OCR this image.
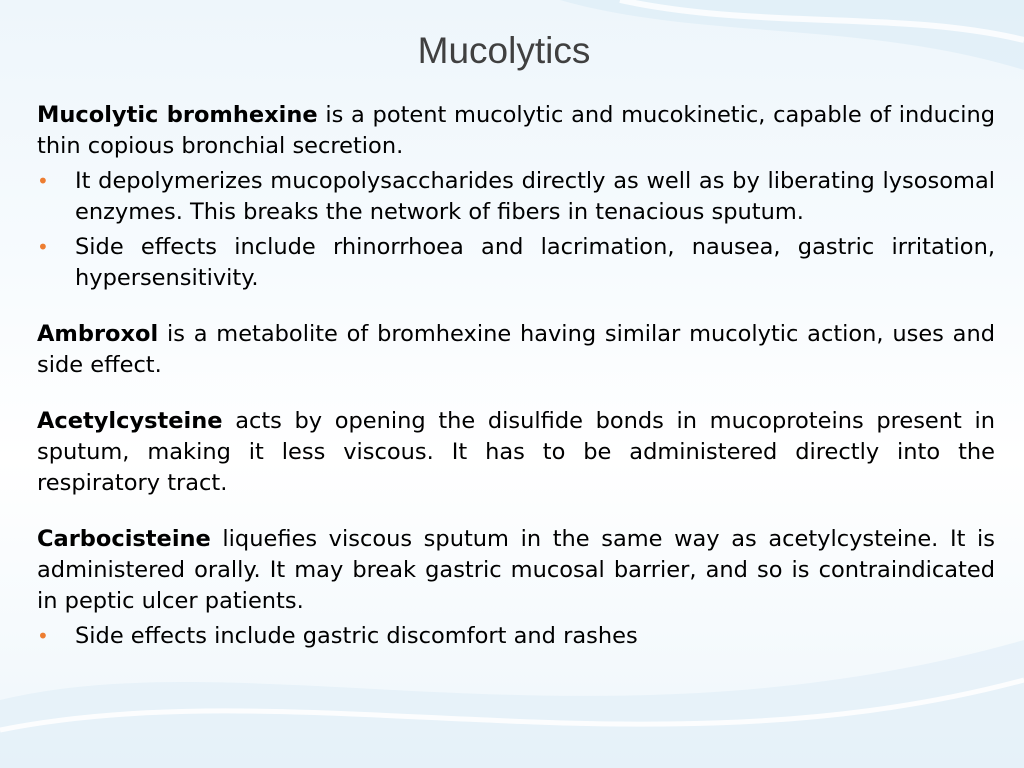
Mucolytics

Mucolytic bromhexine is a potent mucolytic and mucokinetic, capable of inducing thin copious bronchial secretion.

• It depolymerizes mucopolysaccharides directly as well as by liberating lysosomal enzymes. This breaks the network of fibers in tenacious sputum.
• Side effects include rhinorrhoea and lacrimation, nausea, gastric irritation, hypersensitivity.

Ambroxol is a metabolite of bromhexine having similar mucolytic action, uses and side effect.

Acetylcysteine acts by opening the disulfide bonds in mucoproteins present in sputum, making it less viscous. It has to be administered directly into the respiratory tract.

Carbocisteine liquefies viscous sputum in the same way as acetylcysteine. It is administered orally. It may break gastric mucosal barrier, and so is contraindicated in peptic ulcer patients.

• Side effects include gastric discomfort and rashes
